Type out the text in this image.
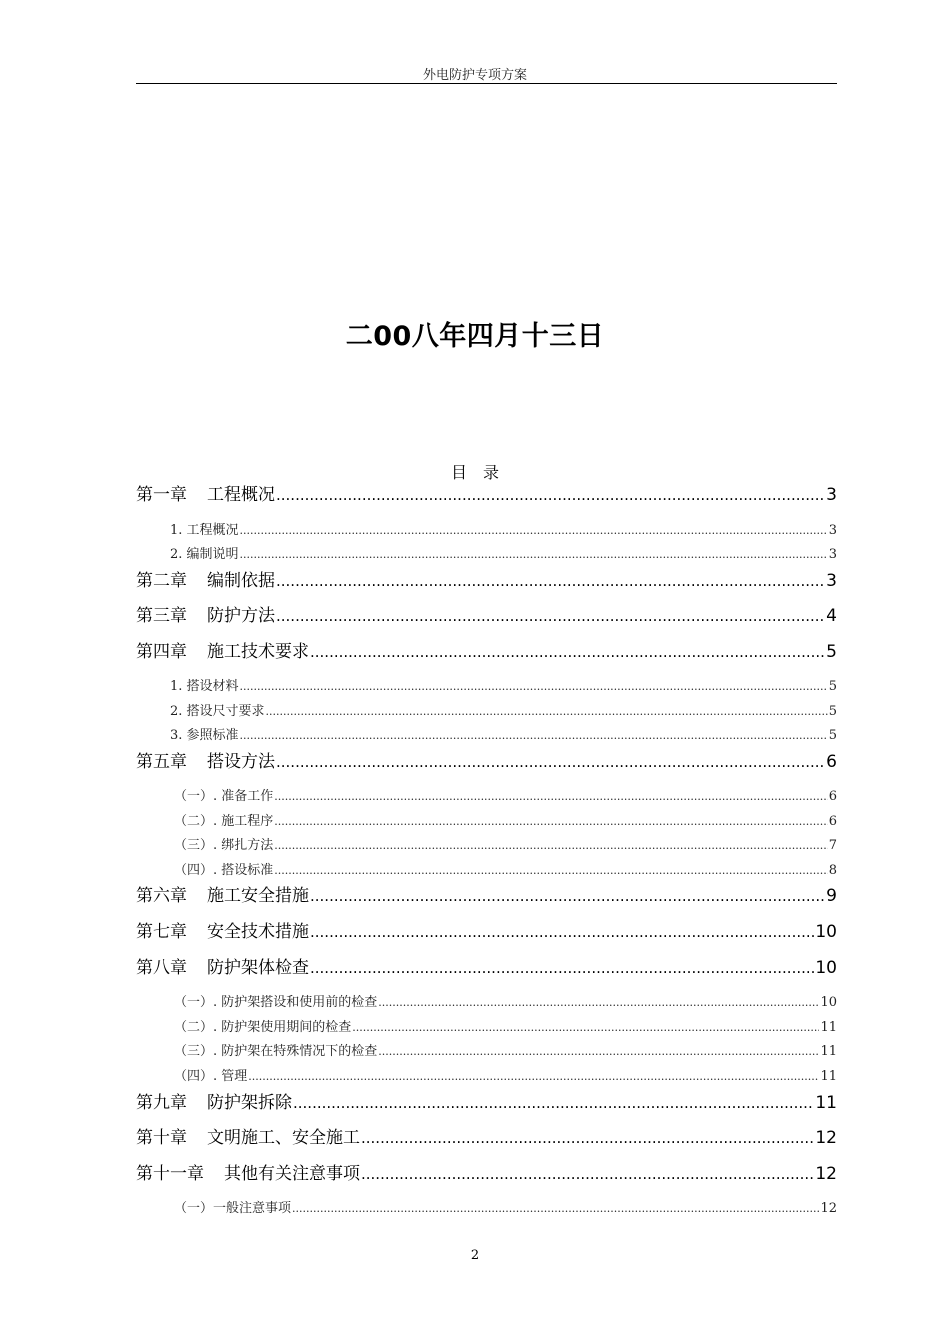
外电防护专项方案
二00八年四月十三日
目　录
第一章 工程概况 .....	3
1. 工程概况 .....	3
2. 编制说明 .....	3
第二章 编制依据 .....	3
第三章 防护方法 .....	4
第四章 施工技术要求 .....	5
1. 搭设材料 .....	5
2. 搭设尺寸要求 .....	5
3. 参照标准 .....	5
第五章 搭设方法 .....	6
（一）. 准备工作 .....	6
（二）. 施工程序 .....	6
（三）. 绑扎方法 .....	7
（四）. 搭设标准 .....	8
第六章 施工安全措施 .....	9
第七章 安全技术措施 .....	10
第八章 防护架体检查 .....	10
（一）. 防护架搭设和使用前的检查 .....	10
（二）. 防护架使用期间的检查 .....	11
（三）. 防护架在特殊情况下的检查 .....	11
（四）. 管理 .....	11
第九章 防护架拆除 .....	11
第十章 文明施工、安全施工 .....	12
第十一章 其他有关注意事项 .....	12
（一）一般注意事项 .....	12
2
